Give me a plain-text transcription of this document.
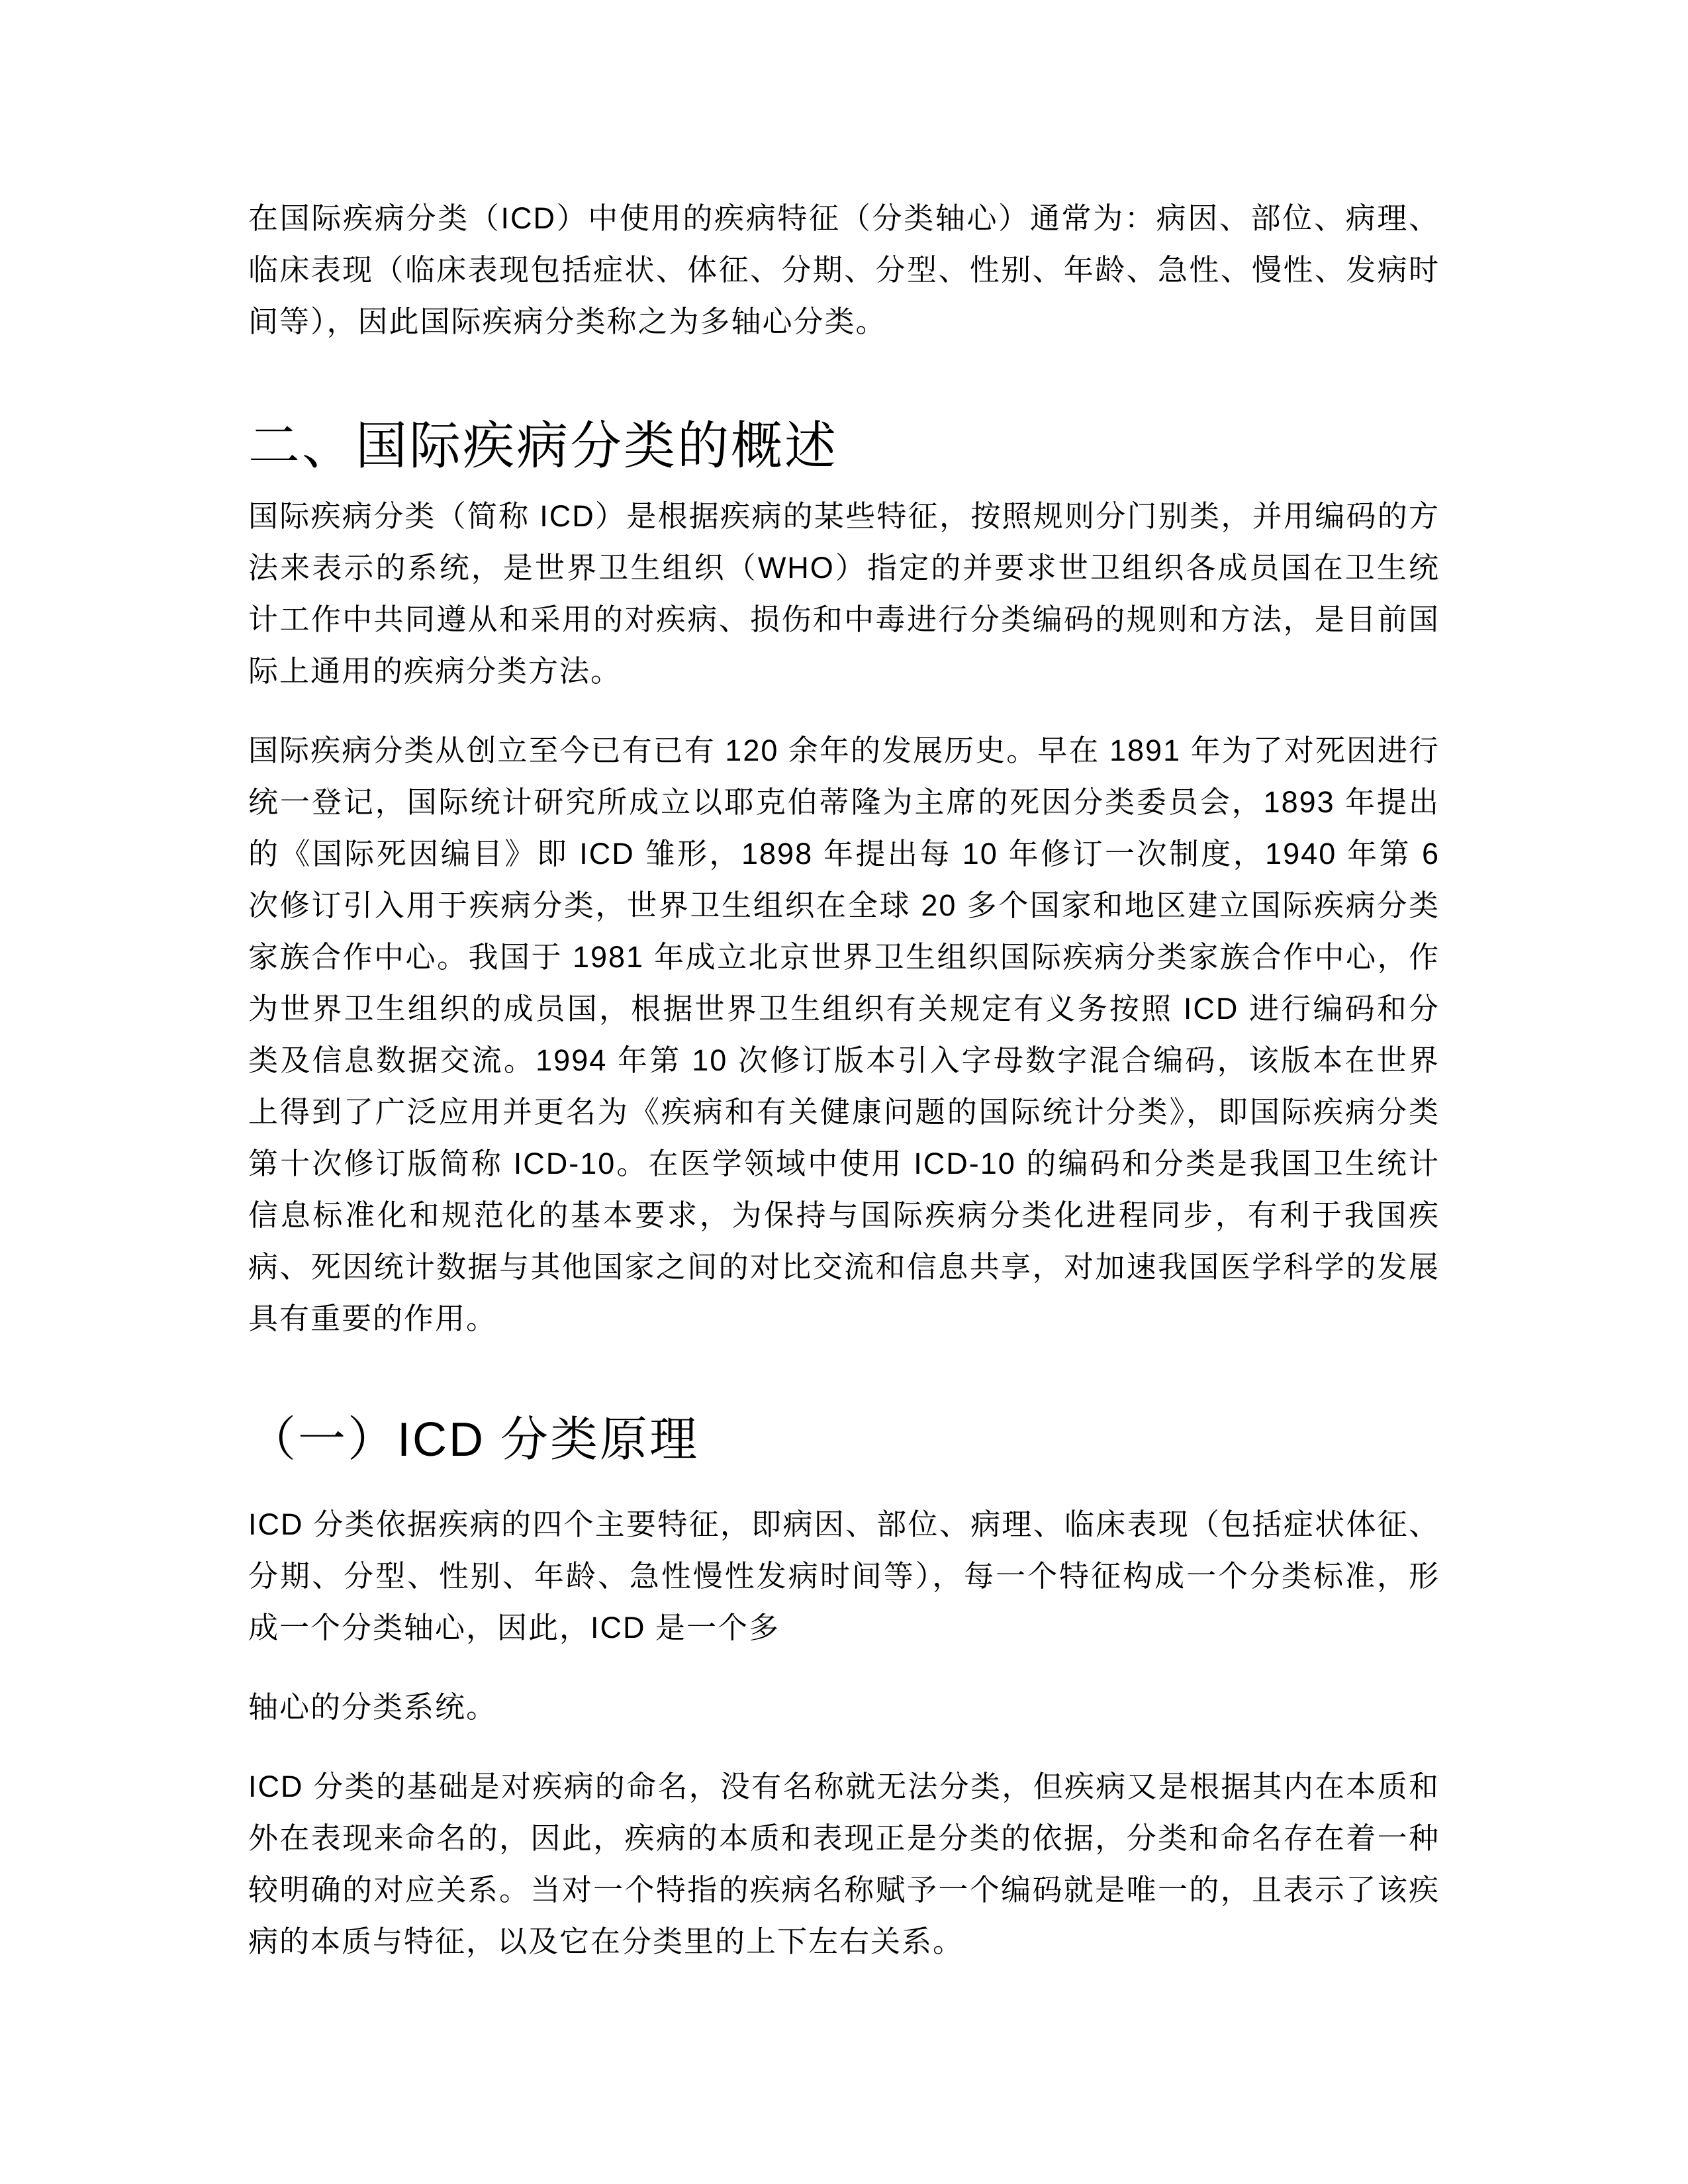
在国际疾病分类（ICD）中使用的疾病特征（分类轴心）通常为：病因、部位、病理、临床表现（临床表现包括症状、体征、分期、分型、性别、年龄、急性、慢性、发病时间等），因此国际疾病分类称之为多轴心分类。

二、国际疾病分类的概述

国际疾病分类（简称 ICD）是根据疾病的某些特征，按照规则分门别类，并用编码的方法来表示的系统，是世界卫生组织（WHO）指定的并要求世卫组织各成员国在卫生统计工作中共同遵从和采用的对疾病、损伤和中毒进行分类编码的规则和方法，是目前国际上通用的疾病分类方法。

国际疾病分类从创立至今已有已有 120 余年的发展历史。早在 1891 年为了对死因进行统一登记，国际统计研究所成立以耶克伯蒂隆为主席的死因分类委员会，1893 年提出的《国际死因编目》即 ICD 雏形，1898 年提出每 10 年修订一次制度，1940 年第 6 次修订引入用于疾病分类，世界卫生组织在全球 20 多个国家和地区建立国际疾病分类家族合作中心。我国于 1981 年成立北京世界卫生组织国际疾病分类家族合作中心，作为世界卫生组织的成员国，根据世界卫生组织有关规定有义务按照 ICD 进行编码和分类及信息数据交流。1994 年第 10 次修订版本引入字母数字混合编码，该版本在世界上得到了广泛应用并更名为《疾病和有关健康问题的国际统计分类》，即国际疾病分类第十次修订版简称 ICD-10。在医学领域中使用 ICD-10 的编码和分类是我国卫生统计信息标准化和规范化的基本要求，为保持与国际疾病分类化进程同步，有利于我国疾病、死因统计数据与其他国家之间的对比交流和信息共享，对加速我国医学科学的发展具有重要的作用。

（一）ICD 分类原理

ICD 分类依据疾病的四个主要特征，即病因、部位、病理、临床表现（包括症状体征、分期、分型、性别、年龄、急性慢性发病时间等），每一个特征构成一个分类标准，形成一个分类轴心，因此，ICD 是一个多

轴心的分类系统。

ICD 分类的基础是对疾病的命名，没有名称就无法分类，但疾病又是根据其内在本质和外在表现来命名的，因此，疾病的本质和表现正是分类的依据，分类和命名存在着一种较明确的对应关系。当对一个特指的疾病名称赋予一个编码就是唯一的，且表示了该疾病的本质与特征，以及它在分类里的上下左右关系。
